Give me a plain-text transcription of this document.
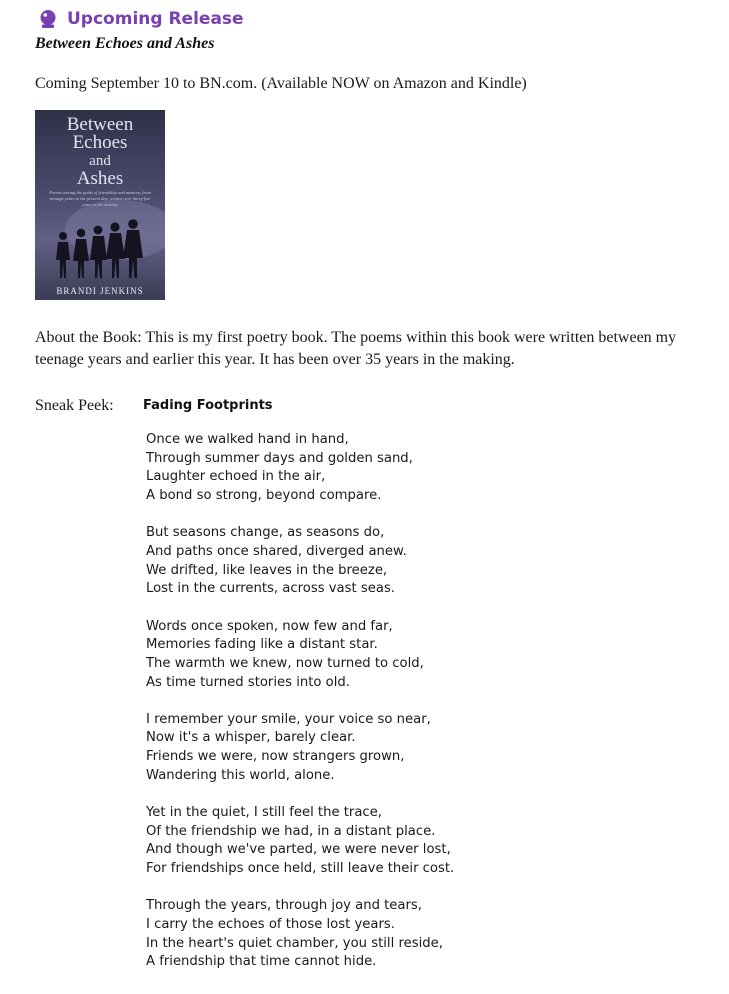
Upcoming Release
Between Echoes and Ashes
Coming September 10 to BN.com. (Available NOW on Amazon and Kindle)
Between
Echoes
and
Ashes
Poems tracing the paths of friendship and memory, from teenage years to the present day, written over thirty-five years in the making.
BRANDI JENKINS
About the Book: This is my first poetry book. The poems within this book were written between my teenage years and earlier this year. It has been over 35 years in the making.
Sneak Peek: Fading Footprints
Once we walked hand in hand,
Through summer days and golden sand,
Laughter echoed in the air,
A bond so strong, beyond compare.
But seasons change, as seasons do,
And paths once shared, diverged anew.
We drifted, like leaves in the breeze,
Lost in the currents, across vast seas.
Words once spoken, now few and far,
Memories fading like a distant star.
The warmth we knew, now turned to cold,
As time turned stories into old.
I remember your smile, your voice so near,
Now it's a whisper, barely clear.
Friends we were, now strangers grown,
Wandering this world, alone.
Yet in the quiet, I still feel the trace,
Of the friendship we had, in a distant place.
And though we've parted, we were never lost,
For friendships once held, still leave their cost.
Through the years, through joy and tears,
I carry the echoes of those lost years.
In the heart's quiet chamber, you still reside,
A friendship that time cannot hide.
